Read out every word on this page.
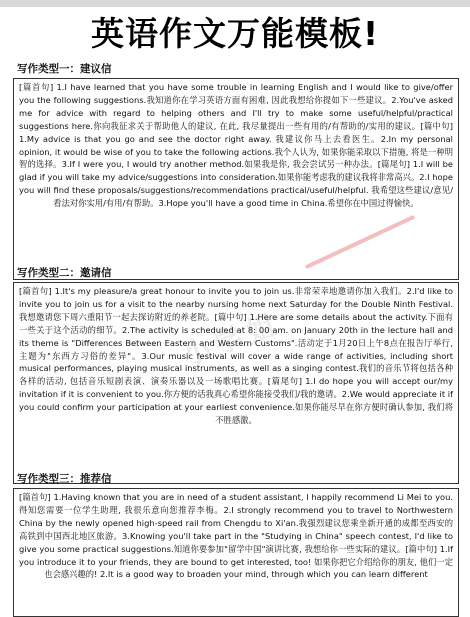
英语作文万能模板!
写作类型一：建议信
[篇首句] 1.I have learned that you have some trouble in learning English and I would like to give/offer you the following suggestions.我知道你在学习英语方面有困难, 因此我想给你提如下一些建议。2.You've asked me for advice with regard to helping others and I'll try to make some useful/helpful/practical suggestions here.你向我征求关于帮助他人的建议, 在此, 我尽量提出一些有用的/有帮助的/实用的建议。[篇中句] 1.My advice is that you go and see the doctor right away. 我建议你马上去看医生。2.In my personal opinion, it would be wise of you to take the following actions.我个人认为, 如果你能采取以下措施, 将是一种明智的选择。3.If I were you, I would try another method.如果我是你, 我会尝试另一种办法。[篇尾句] 1.I will be glad if you will take my advice/suggestions into consideration.如果你能考虑我的建议我将非常高兴。2.I hope you will find these proposals/suggestions/recommendations practical/useful/helpful. 我希望这些建议/意见/看法对你实用/有用/有帮助。3.Hope you'll have a good time in China.希望你在中国过得愉快。
写作类型二：邀请信
[篇首句] 1.It's my pleasure/a great honour to invite you to join us.非常荣幸地邀请你加入我们。2.I'd like to invite you to join us for a visit to the nearby nursing home next Saturday for the Double Ninth Festival.我想邀请您下周六重阳节一起去探访附近的养老院。[篇中句] 1.Here are some details about the activity.下面有一些关于这个活动的细节。2.The activity is scheduled at 8: 00 am. on January 20th in the lecture hall and its theme is "Differences Between Eastern and Western Customs".活动定于1月20日上午8点在报告厅举行, 主题为"东西方习俗的差异"。3.Our music festival will cover a wide range of activities, including short musical performances, playing musical instruments, as well as a singing contest.我们的音乐节将包括各种各样的活动, 包括音乐短剧表演、演奏乐器以及一场歌唱比赛。[篇尾句] 1.I do hope you will accept our/my invitation if it is convenient to you.你方便的话我真心希望你能接受我们/我的邀请。2.We would appreciate it if you could confirm your participation at your earliest convenience.如果你能尽早在你方便时确认参加, 我们将不胜感激。
写作类型三：推荐信
[篇首句] 1.Having known that you are in need of a student assistant, I happily recommend Li Mei to you.得知您需要一位学生助理, 我很乐意向您推荐李梅。2.I strongly recommend you to travel to Northwestern China by the newly opened high-speed rail from Chengdu to Xi'an.我强烈建议您乘坐新开通的成都至西安的高铁到中国西北地区旅游。3.Knowing you'll take part in the "Studying in China" speech contest, I'd like to give you some practical suggestions.知道你要参加"留学中国"演讲比赛, 我想给你一些实际的建议。[篇中句] 1.If you introduce it to your friends, they are bound to get interested, too! 如果你把它介绍给你的朋友, 他们一定也会感兴趣的! 2.It is a good way to broaden your mind, through which you can learn different
小学姐
